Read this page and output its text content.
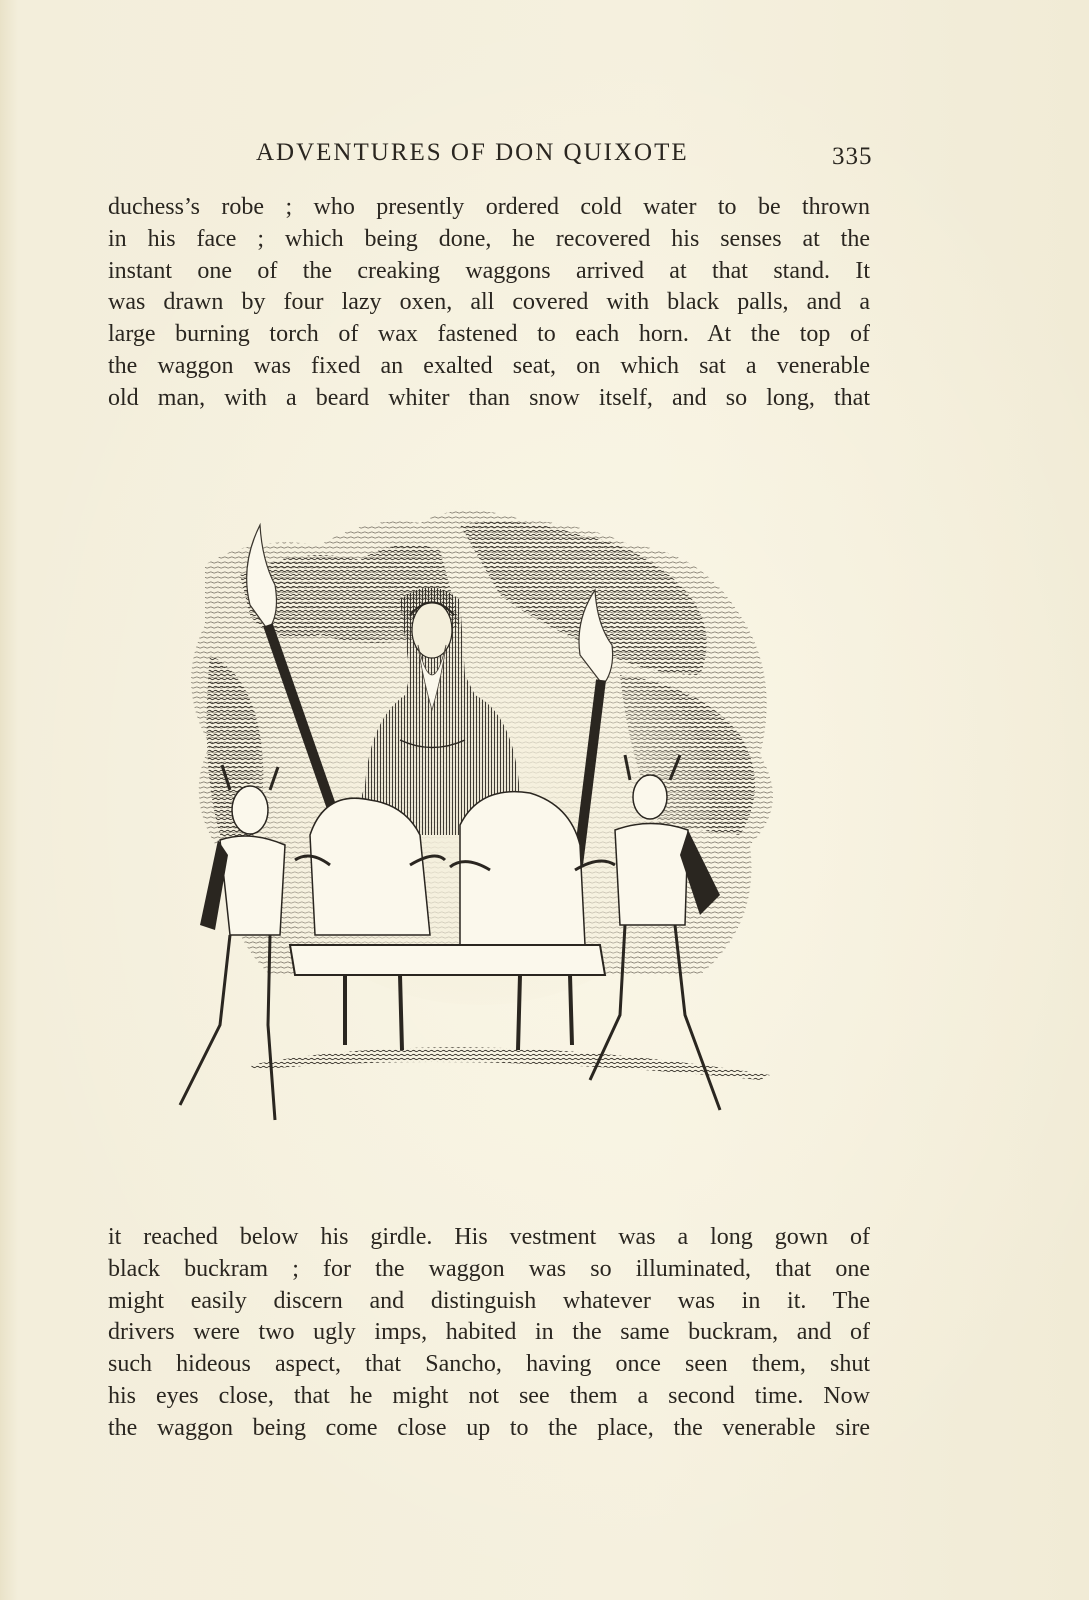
ADVENTURES OF DON QUIXOTE	335
duchess’s robe ; who presently ordered cold water to be thrown
in his face ; which being done, he recovered his senses at the
instant one of the creaking waggons arrived at that stand. It
was drawn by four lazy oxen, all covered with black palls, and a
large burning torch of wax fastened to each horn. At the top of
the waggon was fixed an exalted seat, on which sat a venerable
old man, with a beard whiter than snow itself, and so long, that
it reached below his girdle. His vestment was a long gown of
black buckram ; for the waggon was so illuminated, that one
might easily discern and distinguish whatever was in it. The
drivers were two ugly imps, habited in the same buckram, and of
such hideous aspect, that Sancho, having once seen them, shut
his eyes close, that he might not see them a second time. Now
the waggon being come close up to the place, the venerable sire
